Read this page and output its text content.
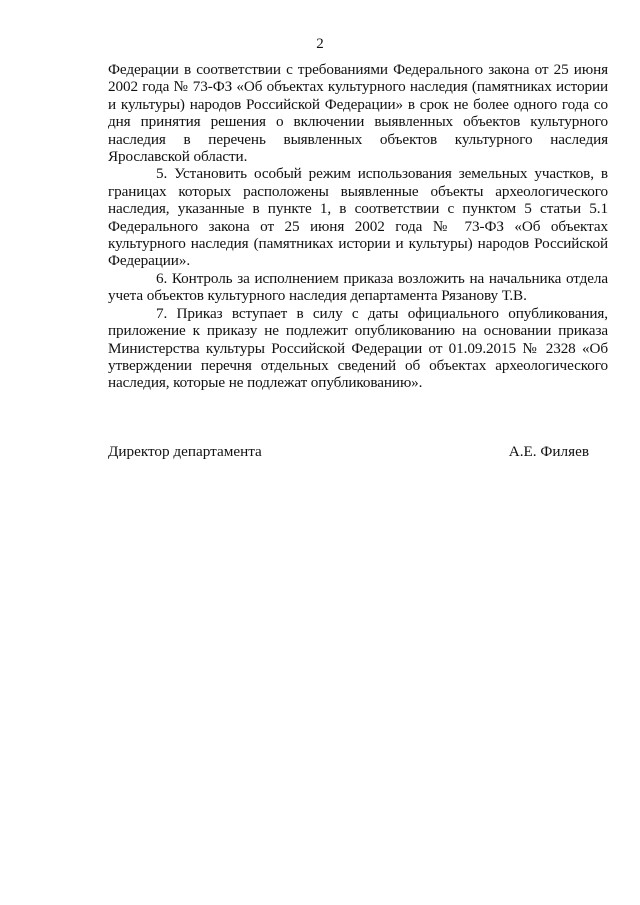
2

Федерации в соответствии с требованиями Федерального закона от 25 июня 2002 года № 73-ФЗ «Об объектах культурного наследия (памятниках истории и культуры) народов Российской Федерации» в срок не более одного года со дня принятия решения о включении выявленных объектов культурного наследия в перечень выявленных объектов культурного наследия Ярославской области.

5. Установить особый режим использования земельных участков, в границах которых расположены выявленные объекты археологического наследия, указанные в пункте 1, в соответствии с пунктом 5 статьи 5.1 Федерального закона от 25 июня 2002 года № 73-ФЗ «Об объектах культурного наследия (памятниках истории и культуры) народов Российской Федерации».

6. Контроль за исполнением приказа возложить на начальника отдела учета объектов культурного наследия департамента Рязанову Т.В.

7. Приказ вступает в силу с даты официального опубликования, приложение к приказу не подлежит опубликованию на основании приказа Министерства культуры Российской Федерации от 01.09.2015 № 2328 «Об утверждении перечня отдельных сведений об объектах археологического наследия, которые не подлежат опубликованию».

Директор департамента	А.Е. Филяев
